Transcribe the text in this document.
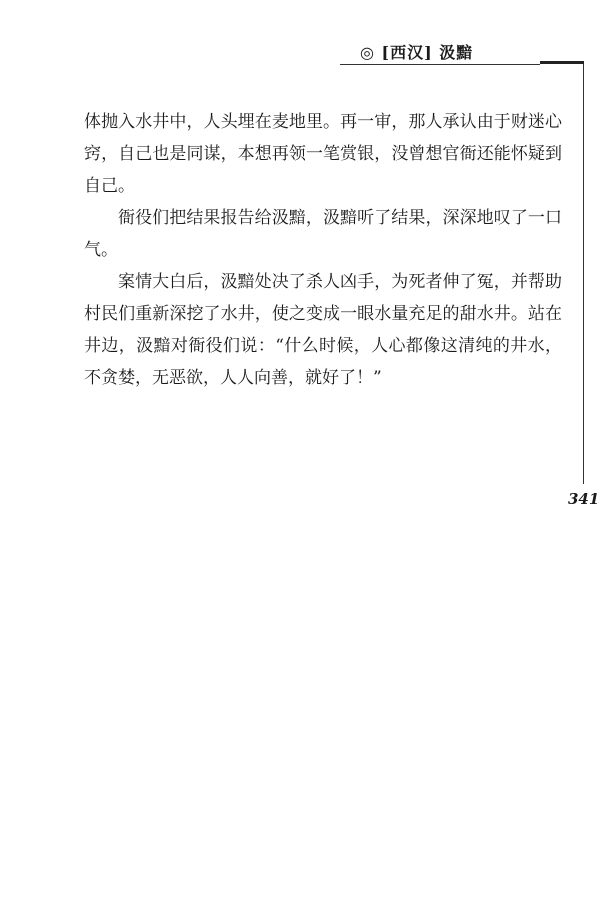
◎ [西汉] 汲黯

体抛入水井中，人头埋在麦地里。再一审，那人承认由于财迷心窍，自己也是同谋，本想再领一笔赏银，没曾想官衙还能怀疑到自己。

衙役们把结果报告给汲黯，汲黯听了结果，深深地叹了一口气。

案情大白后，汲黯处决了杀人凶手，为死者伸了冤，并帮助村民们重新深挖了水井，使之变成一眼水量充足的甜水井。站在井边，汲黯对衙役们说：“什么时候，人心都像这清纯的井水，不贪婪，无恶欲，人人向善，就好了！”

341
